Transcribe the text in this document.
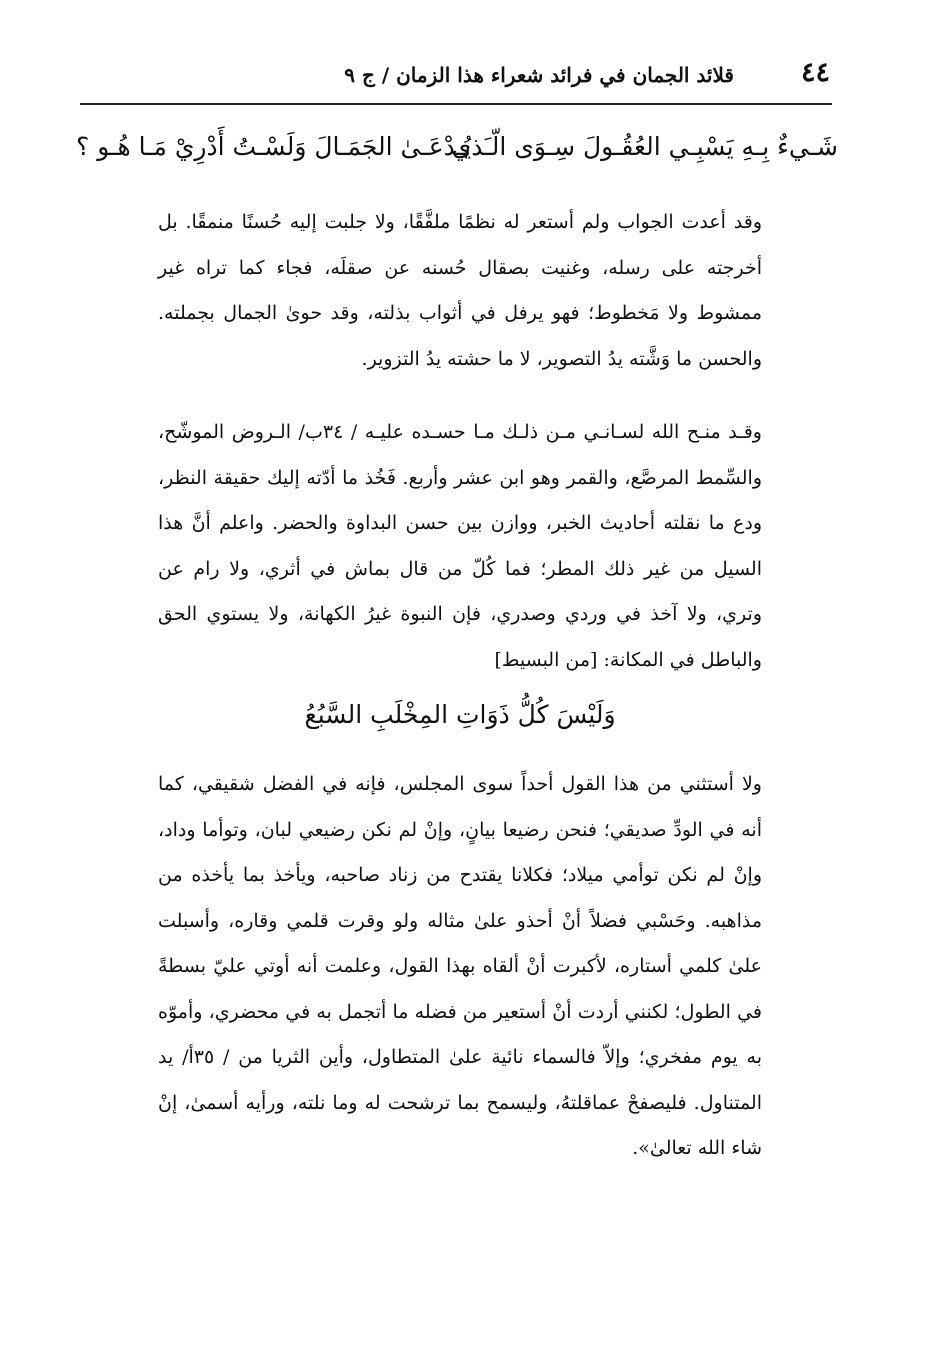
٤٤
قلائد الجمان في فرائد شعراء هذا الزمان / ج ٩
شَـيءٌ بِـهِ يَسْبِـي العُقُـولَ سِـوَى الّـَذي
يُـدْعَـىٰ الجَمَـالَ وَلَسْـتُ أَدْرِيْ مَـا هُـو ؟

وقد أعدت الجواب ولم أستعر له نظمًا ملفَّقًا، ولا جلبت إليه حُسنًا منمقًا. بل أخرجته على رسله، وغنيت بصقال حُسنه عن صقلَه، فجاء كما تراه غير ممشوط ولا مَخطوط؛ فهو يرفل في أثواب بذلته، وقد حوىٰ الجمال بجملته. والحسن ما وَشَّته يدُ التصوير، لا ما حشته يدُ التزوير.

وقـد منـح الله لسـانـي مـن ذلـك مـا حسـده عليـه / ٣٤ب/ الـروض الموشّح، والسِّمط المرصَّع، والقمر وهو ابن عشر وأربع. فَخُذ ما أدّته إليك حقيقة النظر، ودع ما نقلته أحاديث الخبر، ووازن بين حسن البداوة والحضر. واعلم أنَّ هذا السيل من غير ذلك المطر؛ فما كُلّ من قال بماش في أثري، ولا رام عن وتري، ولا آخذ في وردي وصدري، فإن النبوة غيرُ الكهانة، ولا يستوي الحق والباطل في المكانة: [من البسيط]

وَلَيْسَ كُلُّ ذَوَاتِ المِخْلَبِ السَّبُعُ

ولا أستثني من هذا القول أحداً سوى المجلس، فإنه في الفضل شقيقي، كما أنه في الودِّ صديقي؛ فنحن رضيعا بيانٍ، وإنْ لم نكن رضيعي لبان، وتوأما وداد، وإنْ لم نكن توأمي ميلاد؛ فكلانا يقتدح من زناد صاحبه، ويأخذ بما يأخذه من مذاهبه. وحَسْبي فضلاً أنْ أحذو علىٰ مثاله ولو وقرت قلمي وقاره، وأسبلت علىٰ كلمي أستاره، لأكبرت أنْ ألقاه بهذا القول، وعلمت أنه أوتي عليّ بسطةً في الطول؛ لكنني أردت أنْ أستعير من فضله ما أتجمل به في محضري، وأموّه به يوم مفخري؛ وإلاّ فالسماء نائية علىٰ المتطاول، وأين الثريا من / ٣٥أ/ يد المتناول. فليصفحْ عماقلتهُ، وليسمح بما ترشحت له وما نلته، ورأيه أسمىٰ، إنْ شاء الله تعالىٰ».
